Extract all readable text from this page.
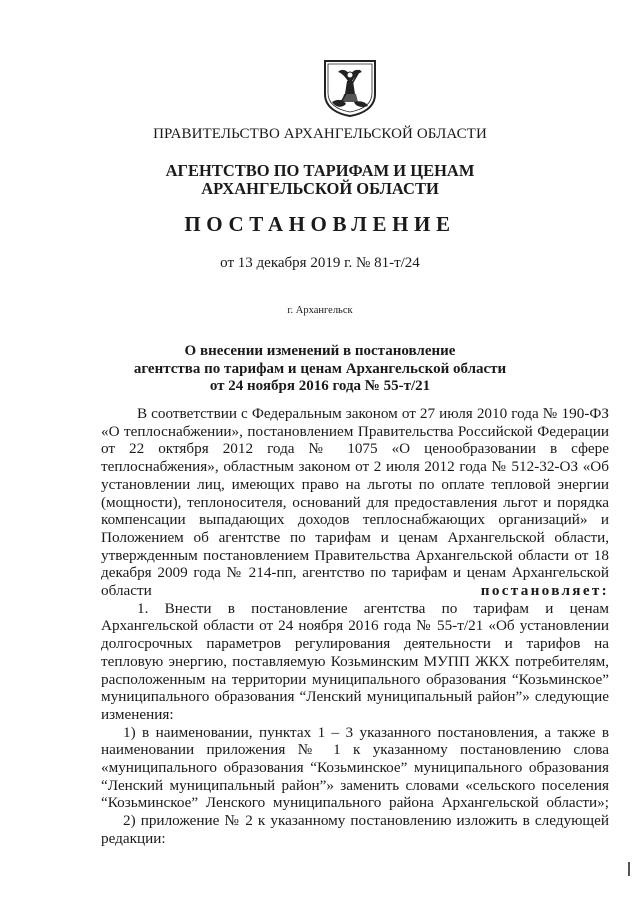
ПРАВИТЕЛЬСТВО АРХАНГЕЛЬСКОЙ ОБЛАСТИ
АГЕНТСТВО ПО ТАРИФАМ И ЦЕНАМ
АРХАНГЕЛЬСКОЙ ОБЛАСТИ
ПОСТАНОВЛЕНИЕ
от 13 декабря 2019 г. № 81-т/24
г. Архангельск
О внесении изменений в постановление
агентства по тарифам и ценам Архангельской области
от 24 ноября 2016 года № 55-т/21

В соответствии с Федеральным законом от 27 июля 2010 года № 190-ФЗ «О теплоснабжении», постановлением Правительства Российской Федерации от 22 октября 2012 года № 1075 «О ценообразовании в сфере теплоснабжения», областным законом от 2 июля 2012 года № 512-32-ОЗ «Об установлении лиц, имеющих право на льготы по оплате тепловой энергии (мощности), теплоносителя, оснований для предоставления льгот и порядка компенсации выпадающих доходов теплоснабжающих организаций» и Положением об агентстве по тарифам и ценам Архангельской области, утвержденным постановлением Правительства Архангельской области от 18 декабря 2009 года № 214-пп, агентство по тарифам и ценам Архангельской области	постановляет:

1. Внести в постановление агентства по тарифам и ценам Архангельской области от 24 ноября 2016 года № 55-т/21 «Об установлении долгосрочных параметров регулирования деятельности и тарифов на тепловую энергию, поставляемую Козьминским МУПП ЖКХ потребителям, расположенным на территории муниципального образования “Козьминское” муниципального образования “Ленский муниципальный район”» следующие изменения:

1) в наименовании, пунктах 1 – 3 указанного постановления, а также в наименовании приложения № 1 к указанному постановлению слова «муниципального образования “Козьминское” муниципального образования “Ленский муниципальный район”» заменить словами «сельского поселения “Козьминское” Ленского муниципального района Архангельской области»;

2) приложение № 2 к указанному постановлению изложить в следующей редакции:
